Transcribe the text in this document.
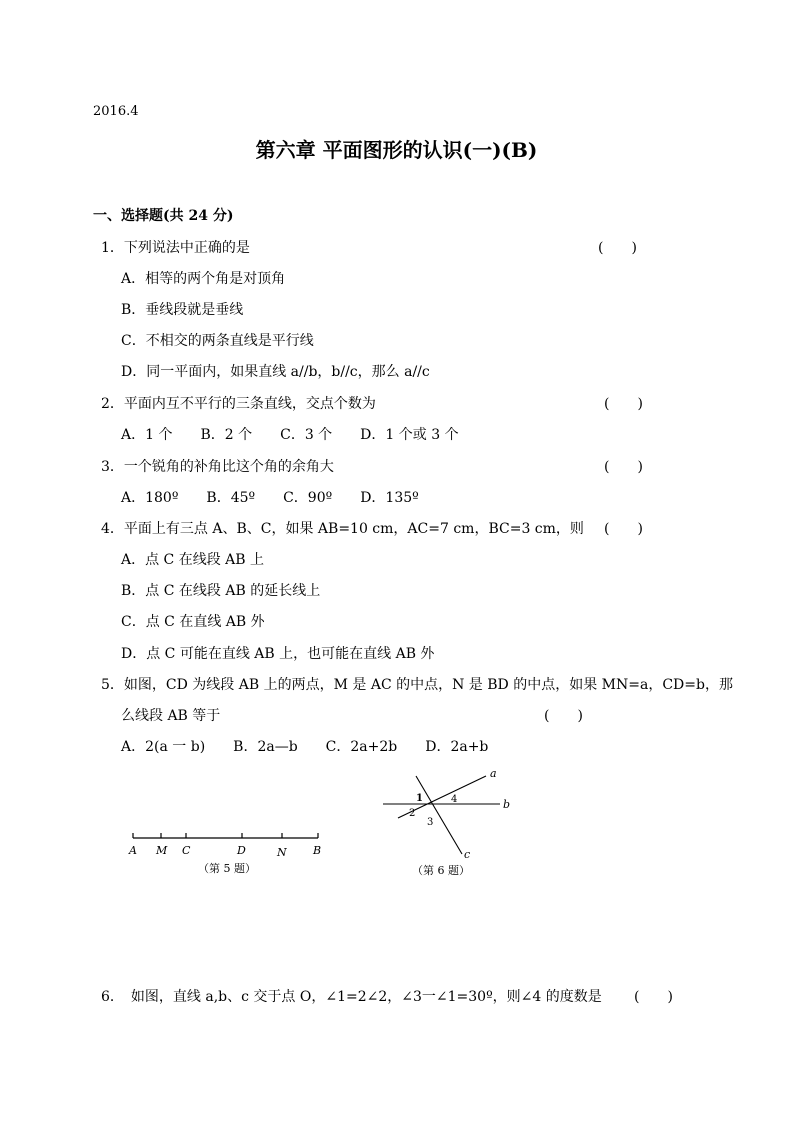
2016.4
第六章 平面图形的认识(一)(B)
一、选择题(共 24 分)
1．下列说法中正确的是	(　　)
A．相等的两个角是对顶角
B．垂线段就是垂线
C．不相交的两条直线是平行线
D．同一平面内，如果直线 a//b，b//c，那么 a//c
2．平面内互不平行的三条直线，交点个数为	(　　)
A．1 个　　B．2 个　　C．3 个　　D．1 个或 3 个
3．一个锐角的补角比这个角的余角大	(　　)
A．180º　　B．45º　　C．90º　　D．135º
4．平面上有三点 A、B、C，如果 AB=10 cm，AC=7 cm，BC=3 cm，则 (　　)
A．点 C 在线段 AB 上
B．点 C 在线段 AB 的延长线上
C．点 C 在直线 AB 外
D．点 C 可能在直线 AB 上，也可能在直线 AB 外
5．如图，CD 为线段 AB 上的两点，M 是 AC 的中点，N 是 BD 的中点，如果 MN=a，CD=b，那
么线段 AB 等于	(　　)
A．2(a 一 b)　　B．2a—b　　C．2a+2b　　D．2a+b
A M C	D	N B
（第 5 题）
a
b
c
1
2
3
4
（第 6 题）
6．　如图，直线 a,b、c 交于点 O，∠1=2∠2，∠3一∠1=30º，则∠4 的度数是 (　　)
